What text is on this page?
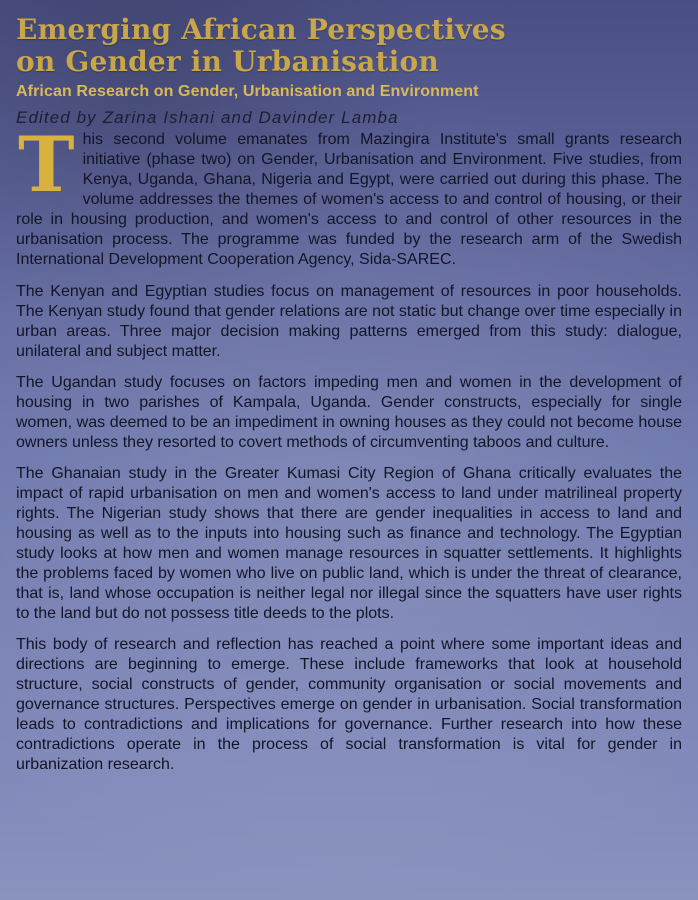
Emerging African Perspectives
on Gender in Urbanisation
African Research on Gender, Urbanisation and Environment
Edited by Zarina Ishani and Davinder Lamba

This second volume emanates from Mazingira Institute's small grants research initiative (phase two) on Gender, Urbanisation and Environment. Five studies, from Kenya, Uganda, Ghana, Nigeria and Egypt, were carried out during this phase. The volume addresses the themes of women's access to and control of housing, or their role in housing production, and women's access to and control of other resources in the urbanisation process. The programme was funded by the research arm of the Swedish International Development Cooperation Agency, Sida-SAREC.

The Kenyan and Egyptian studies focus on management of resources in poor households. The Kenyan study found that gender relations are not static but change over time especially in urban areas. Three major decision making patterns emerged from this study: dialogue, unilateral and subject matter.

The Ugandan study focuses on factors impeding men and women in the development of housing in two parishes of Kampala, Uganda. Gender constructs, especially for single women, was deemed to be an impediment in owning houses as they could not become house owners unless they resorted to covert methods of circumventing taboos and culture.

The Ghanaian study in the Greater Kumasi City Region of Ghana critically evaluates the impact of rapid urbanisation on men and women's access to land under matrilineal property rights. The Nigerian study shows that there are gender inequalities in access to land and housing as well as to the inputs into housing such as finance and technology. The Egyptian study looks at how men and women manage resources in squatter settlements. It highlights the problems faced by women who live on public land, which is under the threat of clearance, that is, land whose occupation is neither legal nor illegal since the squatters have user rights to the land but do not possess title deeds to the plots.

This body of research and reflection has reached a point where some important ideas and directions are beginning to emerge. These include frameworks that look at household structure, social constructs of gender, community organisation or social movements and governance structures. Perspectives emerge on gender in urbanisation. Social transformation leads to contradictions and implications for governance. Further research into how these contradictions operate in the process of social transformation is vital for gender in urbanization research.
